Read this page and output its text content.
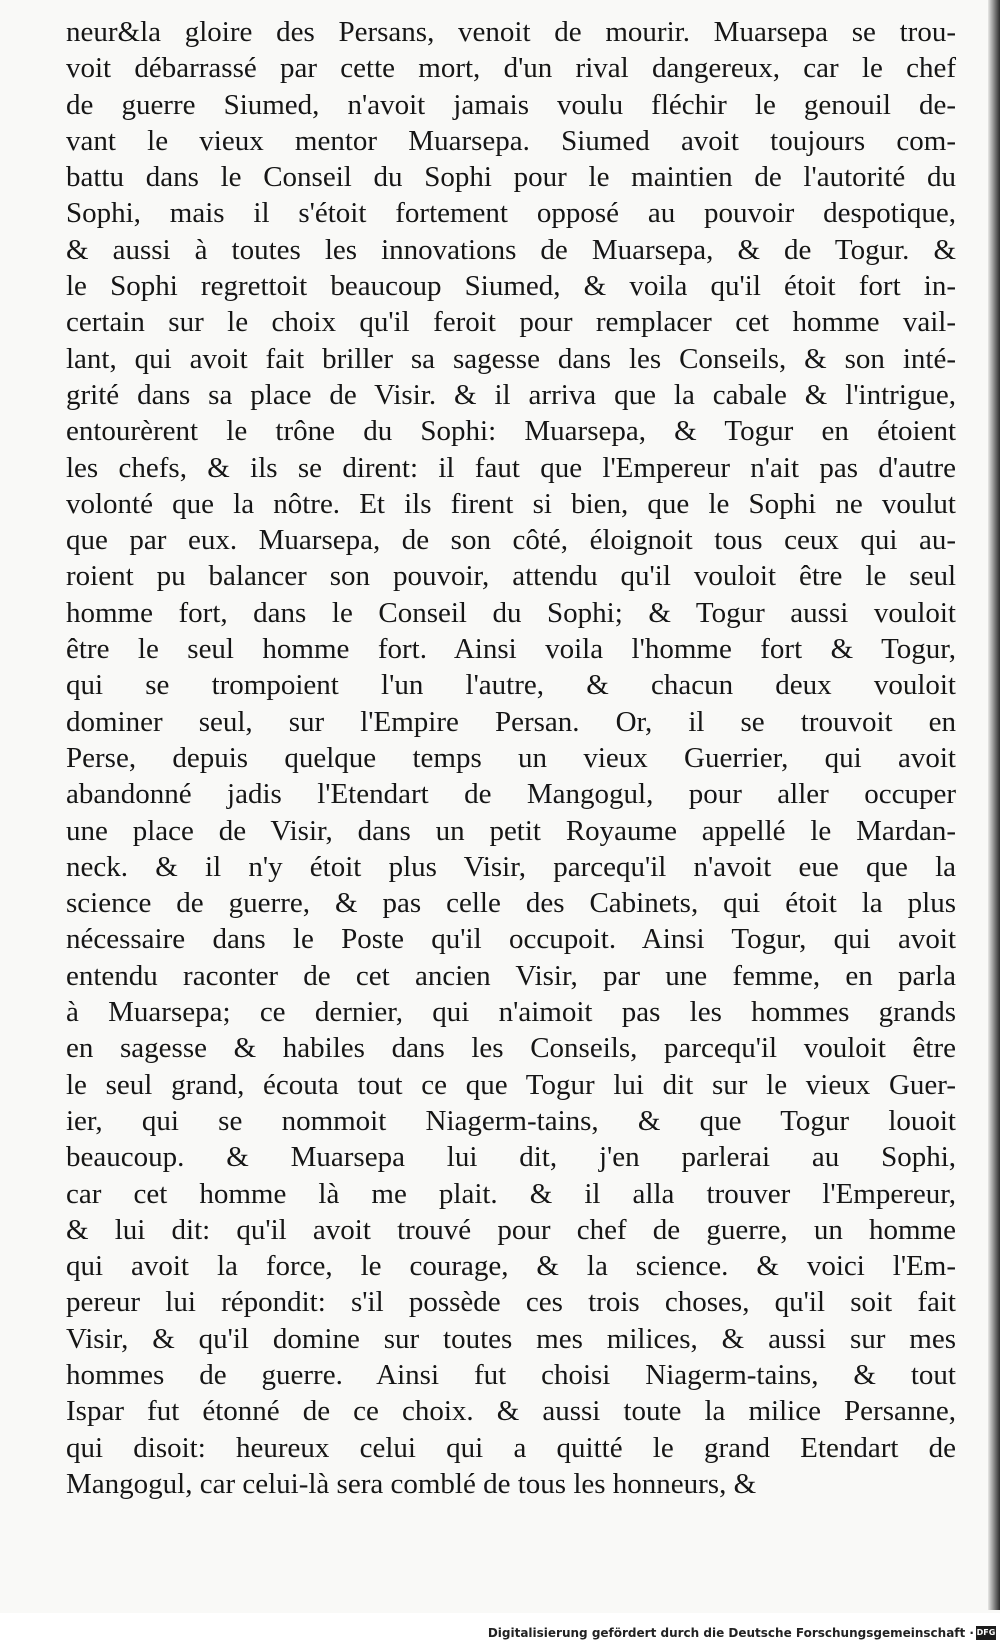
neur&la gloire des Persans, venoit de mourir. Muarsepa se trou-
voit débarrassé par cette mort, d'un rival dangereux, car le chef
de guerre Siumed, n'avoit jamais voulu fléchir le genouil de-
vant le vieux mentor Muarsepa. Siumed avoit toujours com-
battu dans le Conseil du Sophi pour le maintien de l'autorité du
Sophi, mais il s'étoit fortement opposé au pouvoir despotique,
& aussi à toutes les innovations de Muarsepa, & de Togur. &
le Sophi regrettoit beaucoup Siumed, & voila qu'il étoit fort in-
certain sur le choix qu'il feroit pour remplacer cet homme vail-
lant, qui avoit fait briller sa sagesse dans les Conseils, & son inté-
grité dans sa place de Visir. & il arriva que la cabale & l'intrigue,
entourèrent le trône du Sophi: Muarsepa, & Togur en étoient
les chefs, & ils se dirent: il faut que l'Empereur n'ait pas d'autre
volonté que la nôtre. Et ils firent si bien, que le Sophi ne voulut
que par eux. Muarsepa, de son côté, éloignoit tous ceux qui au-
roient pu balancer son pouvoir, attendu qu'il vouloit être le seul
homme fort, dans le Conseil du Sophi; & Togur aussi vouloit
être le seul homme fort. Ainsi voila l'homme fort & Togur,
qui se trompoient l'un l'autre, & chacun deux vouloit
dominer seul, sur l'Empire Persan. Or, il se trouvoit en
Perse, depuis quelque temps un vieux Guerrier, qui avoit
abandonné jadis l'Etendart de Mangogul, pour aller occuper
une place de Visir, dans un petit Royaume appellé le Mardan-
neck. & il n'y étoit plus Visir, parcequ'il n'avoit eue que la
science de guerre, & pas celle des Cabinets, qui étoit la plus
nécessaire dans le Poste qu'il occupoit. Ainsi Togur, qui avoit
entendu raconter de cet ancien Visir, par une femme, en parla
à Muarsepa; ce dernier, qui n'aimoit pas les hommes grands
en sagesse & habiles dans les Conseils, parcequ'il vouloit être
le seul grand, écouta tout ce que Togur lui dit sur le vieux Guer-
ier, qui se nommoit Niagerm-tains, & que Togur louoit
beaucoup. & Muarsepa lui dit, j'en parlerai au Sophi,
car cet homme là me plait. & il alla trouver l'Empereur,
& lui dit: qu'il avoit trouvé pour chef de guerre, un homme
qui avoit la force, le courage, & la science. & voici l'Em-
pereur lui répondit: s'il possède ces trois choses, qu'il soit fait
Visir, & qu'il domine sur toutes mes milices, & aussi sur mes
hommes de guerre. Ainsi fut choisi Niagerm-tains, & tout
Ispar fut étonné de ce choix. & aussi toute la milice Persanne,
qui disoit: heureux celui qui a quitté le grand Etendart de
Mangogul, car celui-là sera comblé de tous les honneurs, &
Digitalisierung gefördert durch die Deutsche Forschungsgemeinschaft · DFG
